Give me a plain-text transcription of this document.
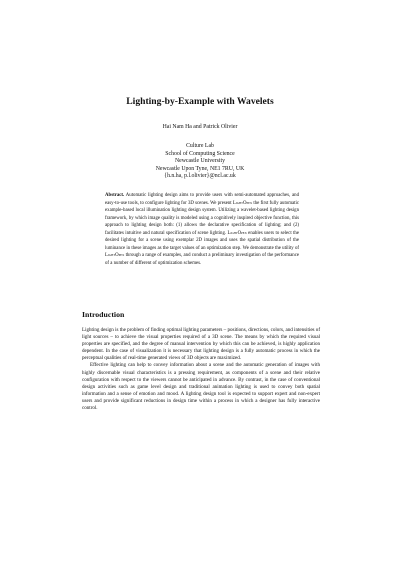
Lighting-by-Example with Wavelets
Hai Nam Ha and Patrick Olivier
Culture Lab
School of Computing Science
Newcastle University
Newcastle Upon Tyne, NE1 7RU, UK
{h.n.ha, p.l.olivier}@ncl.ac.uk

Abstract. Automatic lighting design aims to provide users with semi-automated approaches, and easy-to-use tools, to configure lighting for 3D scenes. We present LightOpex the first fully automatic example-based local illumination lighting design system. Utilizing a wavelet-based lighting design framework, by which image quality is modeled using a cognitively inspired objective function, this approach to lighting design both: (1) allows the declarative specification of lighting; and (2) facilitates intuitive and natural specification of scene lighting. LightOpex enables users to select the desired lighting for a scene using exemplar 2D images and uses the spatial distribution of the luminance in these images as the target values of an optimization step. We demonstrate the utility of LightOpex through a range of examples, and conduct a preliminary investigation of the performance of a number of different of optimization schemes.

Introduction

Lighting design is the problem of finding optimal lighting parameters – positions, directions, colors, and intensities of light sources – to achieve the visual properties required of a 3D scene. The means by which the required visual properties are specified, and the degree of manual intervention by which this can be achieved, is highly application dependent. In the case of visualization it is necessary that lighting design is a fully automatic process in which the perceptual qualities of real-time generated views of 3D objects are maximized.

Effective lighting can help to convey information about a scene and the automatic generation of images with highly discernable visual characteristics is a pressing requirement, as components of a scene and their relative configuration with respect to the viewers cannot be anticipated in advance. By contrast, in the case of conventional design activities such as game level design and traditional animation lighting is used to convey both spatial information and a sense of emotion and mood. A lighting design tool is expected to support expert and non-expert users and provide significant reductions in design time within a process in which a designer has fully interactive control.
